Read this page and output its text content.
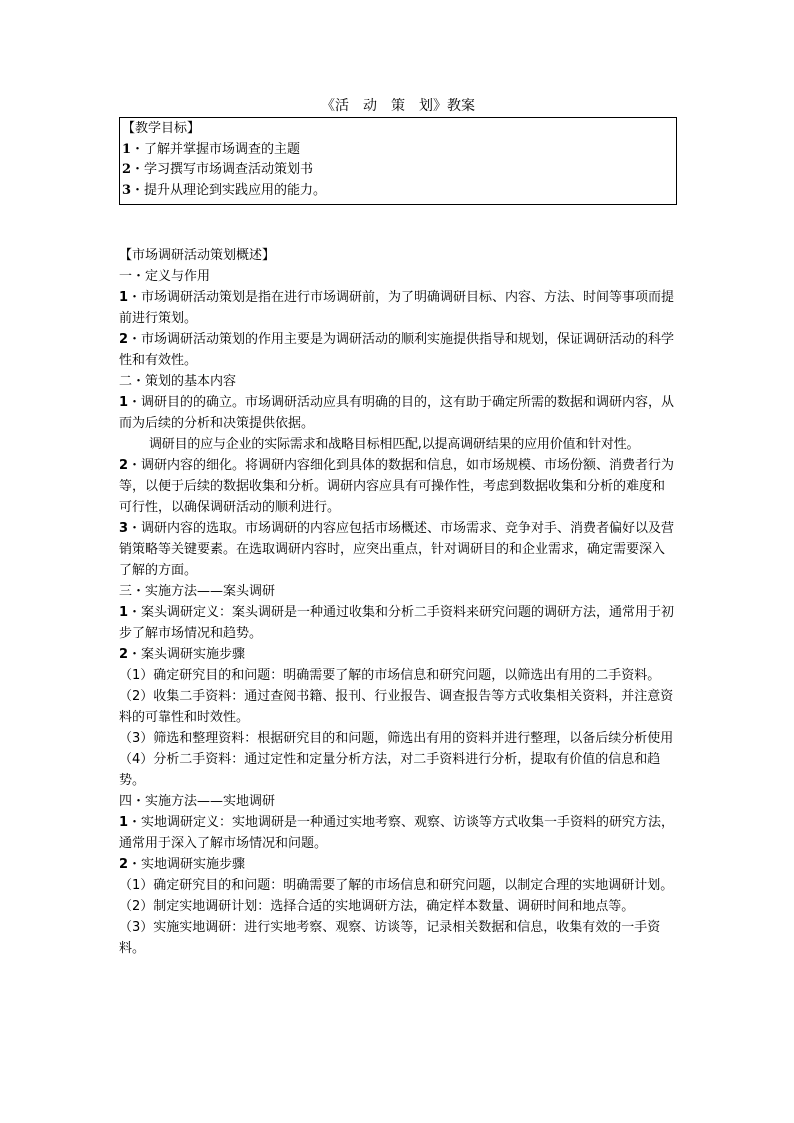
《活　动　策　划》教案
【教学目标】
1・了解并掌握市场调查的主题
2・学习撰写市场调查活动策划书
3・提升从理论到实践应用的能力。

【市场调研活动策划概述】

一・定义与作用

1・市场调研活动策划是指在进行市场调研前，为了明确调研目标、内容、方法、时间等事项而提前进行策划。

2・市场调研活动策划的作用主要是为调研活动的顺利实施提供指导和规划，保证调研活动的科学性和有效性。

二・策划的基本内容

1・调研目的的确立。市场调研活动应具有明确的目的，这有助于确定所需的数据和调研内容，从而为后续的分析和决策提供依据。

调研目的应与企业的实际需求和战略目标相匹配,以提高调研结果的应用价值和针对性。

2・调研内容的细化。将调研内容细化到具体的数据和信息，如市场规模、市场份额、消费者行为等，以便于后续的数据收集和分析。调研内容应具有可操作性，考虑到数据收集和分析的难度和可行性，以确保调研活动的顺利进行。

3・调研内容的选取。市场调研的内容应包括市场概述、市场需求、竞争对手、消费者偏好以及营销策略等关键要素。在选取调研内容时，应突出重点，针对调研目的和企业需求，确定需要深入了解的方面。

三・实施方法——案头调研

1・案头调研定义：案头调研是一种通过收集和分析二手资料来研究问题的调研方法，通常用于初步了解市场情况和趋势。

2・案头调研实施步骤

（1）确定研究目的和问题：明确需要了解的市场信息和研究问题，以筛选出有用的二手资料。

（2）收集二手资料：通过查阅书籍、报刊、行业报告、调查报告等方式收集相关资料，并注意资料的可靠性和时效性。

（3）筛选和整理资料：根据研究目的和问题，筛选出有用的资料并进行整理，以备后续分析使用

（4）分析二手资料：通过定性和定量分析方法，对二手资料进行分析，提取有价值的信息和趋势。

四・实施方法——实地调研

1・实地调研定义：实地调研是一种通过实地考察、观察、访谈等方式收集一手资料的研究方法，通常用于深入了解市场情况和问题。

2・实地调研实施步骤

（1）确定研究目的和问题：明确需要了解的市场信息和研究问题，以制定合理的实地调研计划。

（2）制定实地调研计划：选择合适的实地调研方法，确定样本数量、调研时间和地点等。

（3）实施实地调研：进行实地考察、观察、访谈等，记录相关数据和信息，收集有效的一手资料。
